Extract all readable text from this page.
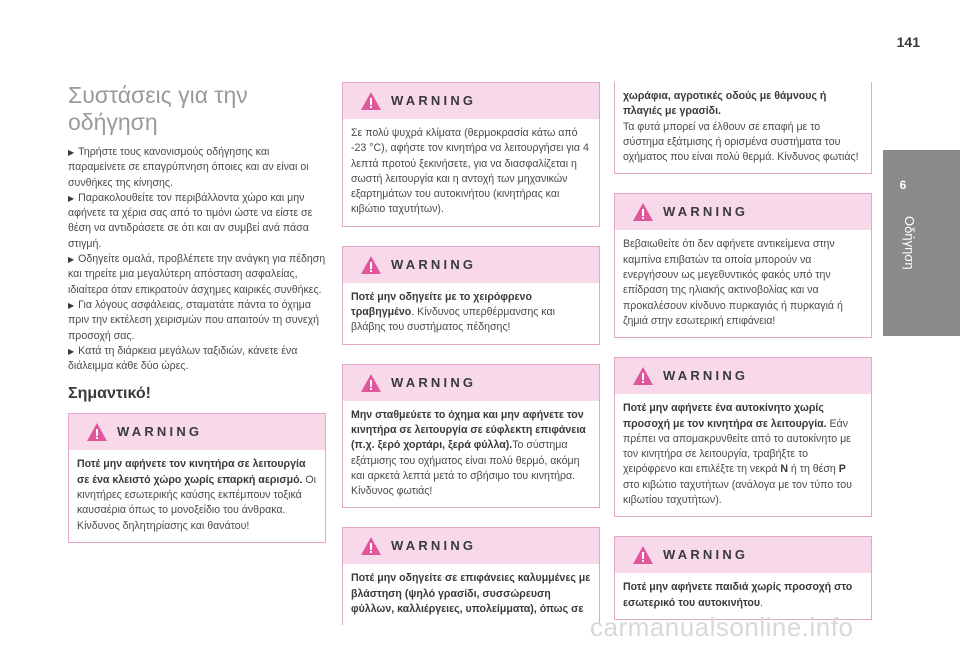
141
6
Οδήγηση
Συστάσεις για την οδήγηση

▶ Τηρήστε τους κανονισμούς οδήγησης και παραμείνετε σε επαγρύπνηση όποιες και αν είναι οι συνθήκες της κίνησης.

▶ Παρακολουθείτε τον περιβάλλοντα χώρο και μην αφήνετε τα χέρια σας από το τιμόνι ώστε να είστε σε θέση να αντιδράσετε σε ότι και αν συμβεί ανά πάσα στιγμή.

▶ Οδηγείτε ομαλά, προβλέπετε την ανάγκη για πέδηση και τηρείτε μια μεγαλύτερη απόσταση ασφαλείας, ιδιαίτερα όταν επικρατούν άσχημες καιρικές συνθήκες.

▶ Για λόγους ασφάλειας, σταματάτε πάντα το όχημα πριν την εκτέλεση χειρισμών που απαιτούν τη συνεχή προσοχή σας.

▶ Κατά τη διάρκεια μεγάλων ταξιδιών, κάνετε ένα διάλειμμα κάθε δύο ώρες.

Σημαντικό!
WARNING
Ποτέ μην αφήνετε τον κινητήρα σε λειτουργία σε ένα κλειστό χώρο χωρίς επαρκή αερισμό. Οι κινητήρες εσωτερικής καύσης εκπέμπουν τοξικά καυσαέρια όπως το μονοξείδιο του άνθρακα. Κίνδυνος δηλητηρίασης και θανάτου!
WARNING
Σε πολύ ψυχρά κλίματα (θερμοκρασία κάτω από -23 °C), αφήστε τον κινητήρα να λειτουργήσει για 4 λεπτά προτού ξεκινήσετε, για να διασφαλίζεται η σωστή λειτουργία και η αντοχή των μηχανικών εξαρτημάτων του αυτοκινήτου (κινητήρας και κιβώτιο ταχυτήτων).
WARNING
Ποτέ μην οδηγείτε με το χειρόφρενο τραβηγμένο. Κίνδυνος υπερθέρμανσης και βλάβης του συστήματος πέδησης!
WARNING
Μην σταθμεύετε το όχημα και μην αφήνετε τον κινητήρα σε λειτουργία σε εύφλεκτη επιφάνεια (π.χ. ξερό χορτάρι, ξερά φύλλα).Το σύστημα εξάτμισης του οχήματος είναι πολύ θερμό, ακόμη και αρκετά λεπτά μετά το σβήσιμο του κινητήρα. Κίνδυνος φωτιάς!
WARNING
Ποτέ μην οδηγείτε σε επιφάνειες καλυμμένες με βλάστηση (ψηλό γρασίδι, συσσώρευση φύλλων, καλλιέργειες, υπολείμματα), όπως σε
χωράφια, αγροτικές οδούς με θάμνους ή πλαγιές με γρασίδι.
Τα φυτά μπορεί να έλθουν σε επαφή με το σύστημα εξάτμισης ή ορισμένα συστήματα του οχήματος που είναι πολύ θερμά. Κίνδυνος φωτιάς!
WARNING
Βεβαιωθείτε ότι δεν αφήνετε αντικείμενα στην καμπίνα επιβατών τα οποία μπορούν να ενεργήσουν ως μεγεθυντικός φακός υπό την επίδραση της ηλιακής ακτινοβολίας και να προκαλέσουν κίνδυνο πυρκαγιάς ή πυρκαγιά ή ζημιά στην εσωτερική επιφάνεια!
WARNING
Ποτέ μην αφήνετε ένα αυτοκίνητο χωρίς προσοχή με τον κινητήρα σε λειτουργία. Εάν πρέπει να απομακρυνθείτε από το αυτοκίνητο με τον κινητήρα σε λειτουργία, τραβήξτε το χειρόφρενο και επιλέξτε τη νεκρά N ή τη θέση P στο κιβώτιο ταχυτήτων (ανάλογα με τον τύπο του κιβωτίου ταχυτήτων).
WARNING
Ποτέ μην αφήνετε παιδιά χωρίς προσοχή στο εσωτερικό του αυτοκινήτου.
carmanualsonline.info
